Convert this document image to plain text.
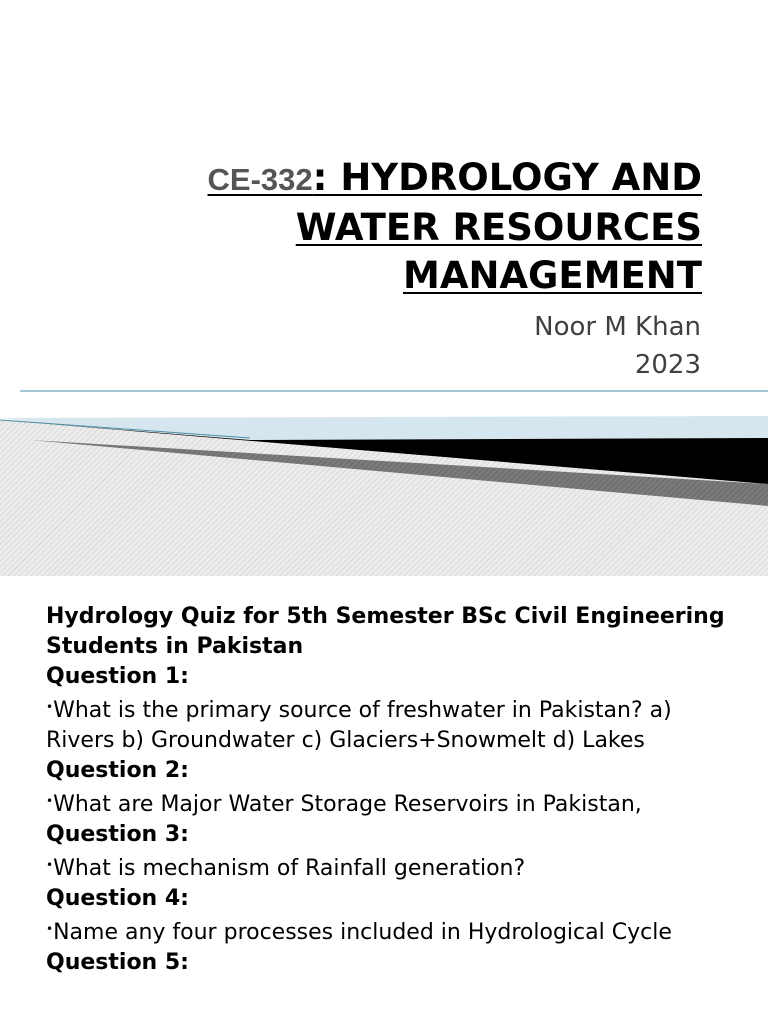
CE-332: HYDROLOGY AND
WATER RESOURCES
MANAGEMENT
Noor M Khan
2023
Hydrology Quiz for 5th Semester BSc Civil Engineering Students in Pakistan
Question 1:
•What is the primary source of freshwater in Pakistan? a) Rivers b) Groundwater c) Glaciers+Snowmelt d) Lakes
Question 2:
•What are Major Water Storage Reservoirs in Pakistan,
Question 3:
•What is mechanism of Rainfall generation?
Question 4:
•Name any four processes included in Hydrological Cycle
Question 5:
